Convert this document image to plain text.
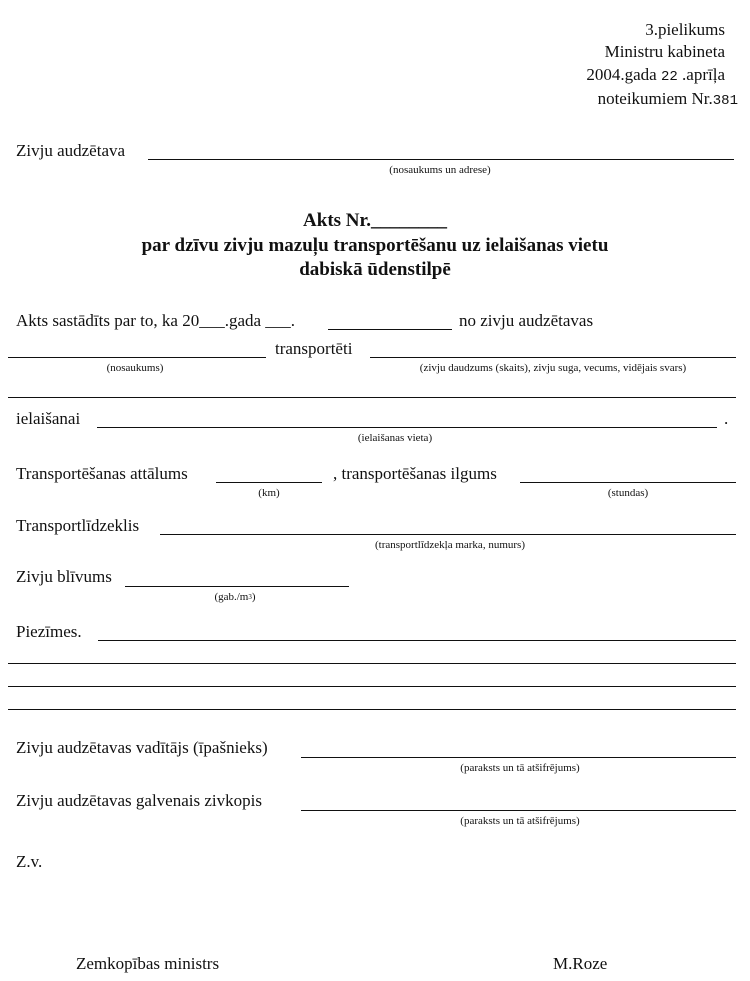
3.pielikums
Ministru kabineta
2004.gada 22 .aprīļa
noteikumiem Nr.381
Zivju audzētava
(nosaukums un adrese)
Akts Nr.________
par dzīvu zivju mazuļu transportēšanu uz ielaišanas vietu
dabiskā ūdenstilpē
Akts sastādīts par to, ka 20___.gada ___.	no zivju audzētavas
(nosaukums)
transportēti
(zivju daudzums (skaits), zivju suga, vecums, vidējais svars)
ielaišanai	.
(ielaišanas vieta)
Transportēšanas attālums
(km)
, transportēšanas ilgums
(stundas)
Transportlīdzeklis
(transportlīdzekļa marka, numurs)
Zivju blīvums
$(gab./m^3)$
Piezīmes.
Zivju audzētavas vadītājs (īpašnieks)
(paraksts un tā atšifrējums)
Zivju audzētavas galvenais zivkopis
(paraksts un tā atšifrējums)
Z.v.
Zemkopības ministrs	M.Roze
